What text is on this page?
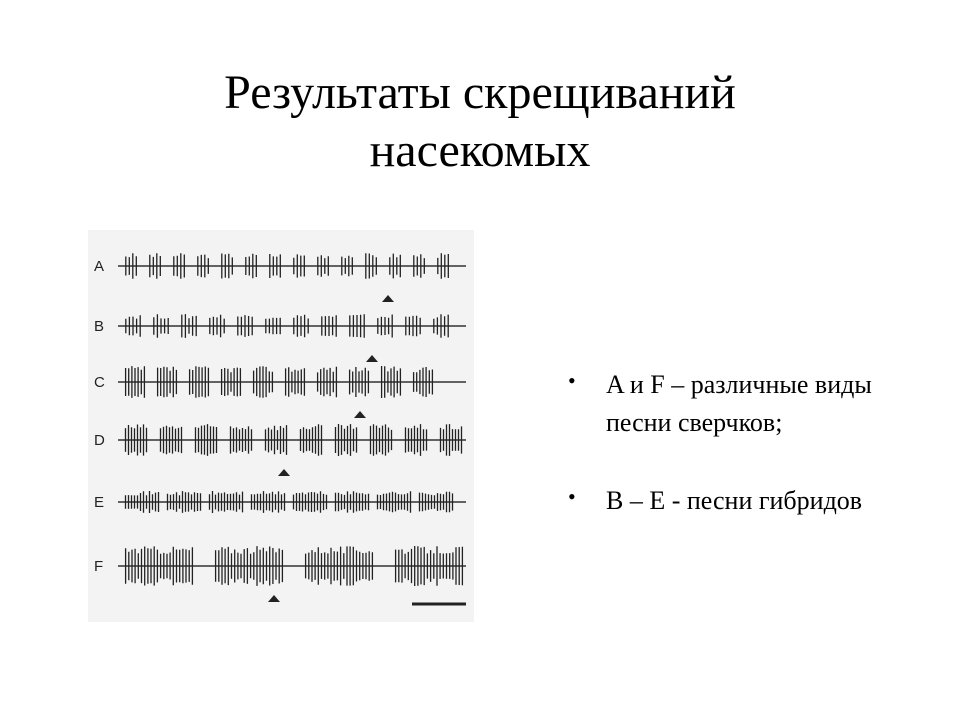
Результаты скрещиваний
насекомых
A
B
C
D
E
F
• A и F – различные виды песни сверчков;
• B – E - песни гибридов
